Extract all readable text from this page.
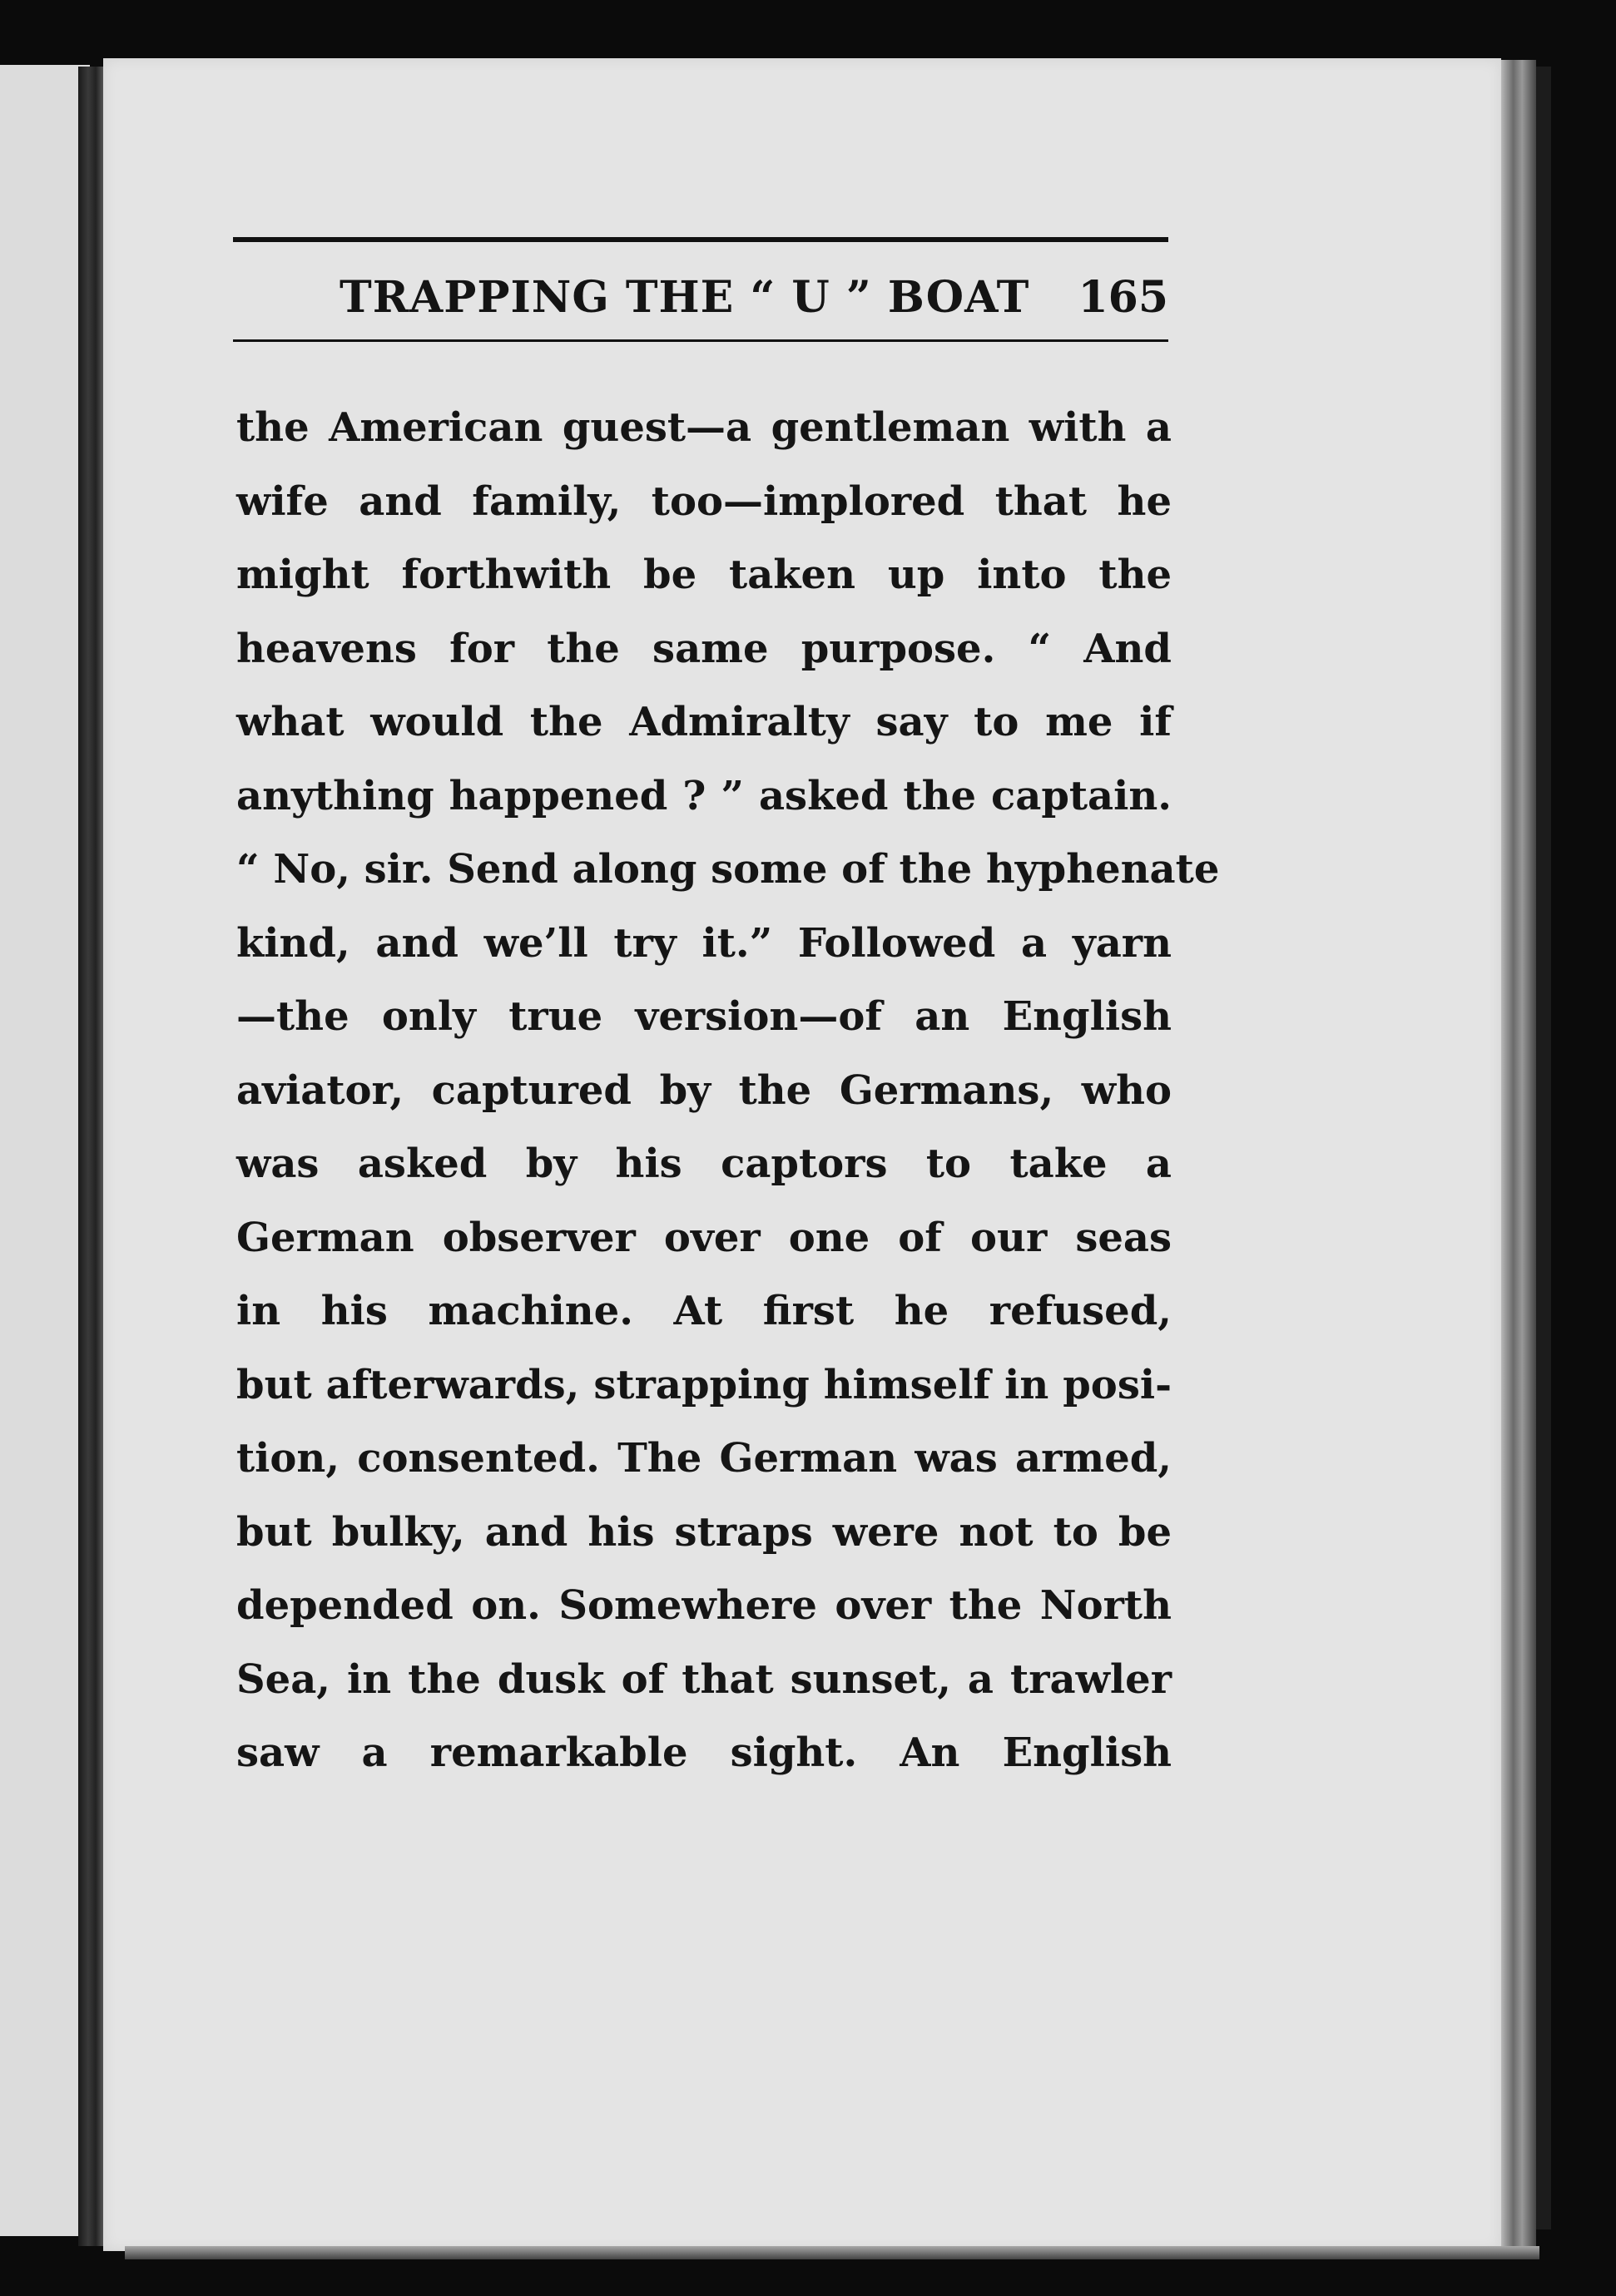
TRAPPING THE “ U ” BOAT 165
the American guest—a gentleman with a
wife and family, too—implored that he
might forthwith be taken up into the
heavens for the same purpose. “ And
what would the Admiralty say to me if
anything happened ? ” asked the captain.
“ No, sir. Send along some of the hyphenate
kind, and we’ll try it.” Followed a yarn
—the only true version—of an English
aviator, captured by the Germans, who
was asked by his captors to take a
German observer over one of our seas
in his machine. At first he refused,
but afterwards, strapping himself in posi-
tion, consented. The German was armed,
but bulky, and his straps were not to be
depended on. Somewhere over the North
Sea, in the dusk of that sunset, a trawler
saw a remarkable sight. An English
